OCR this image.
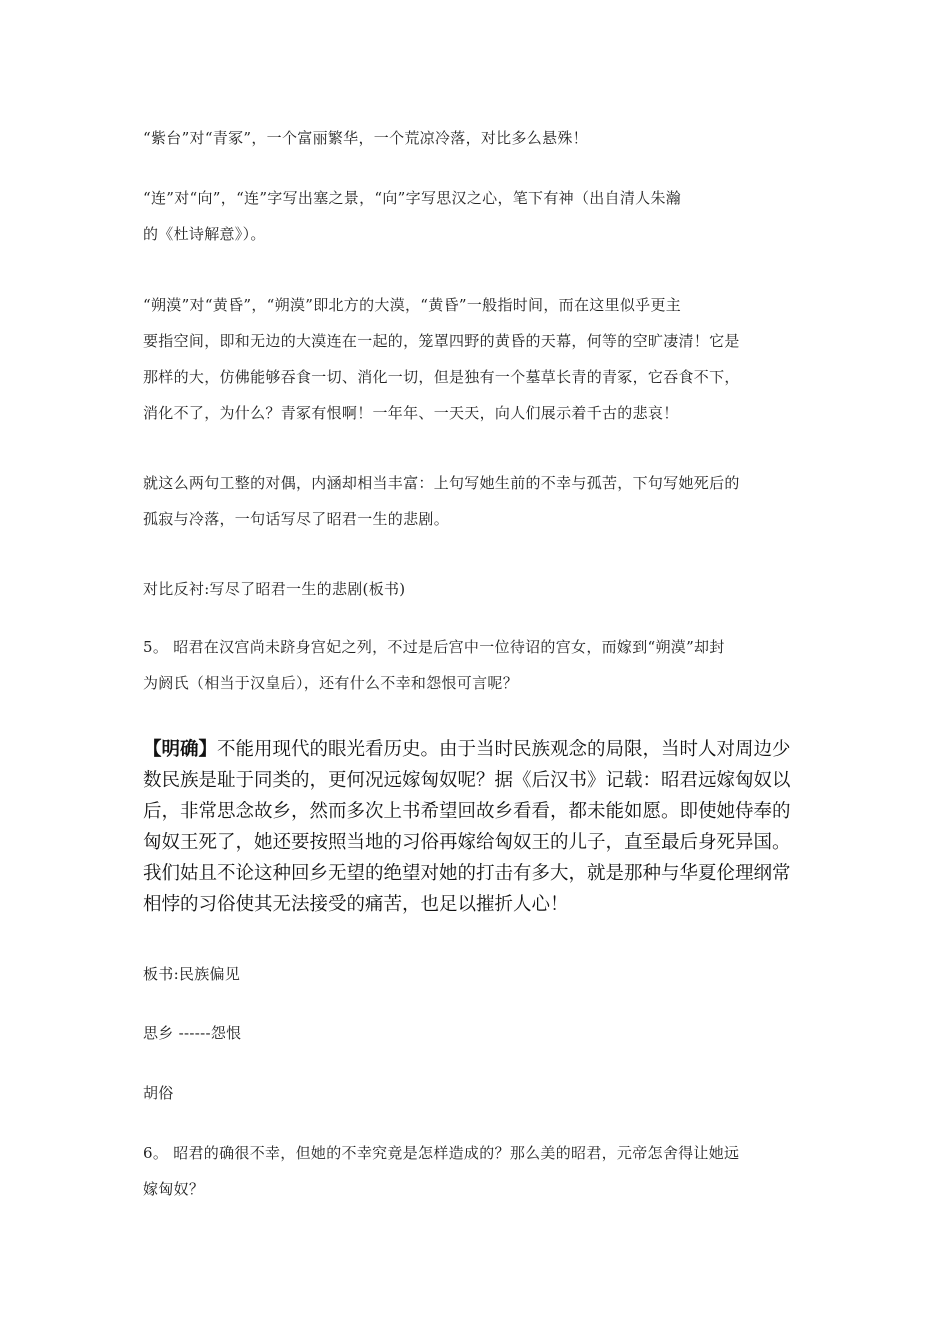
“紫台”对“青冢”，一个富丽繁华，一个荒凉冷落，对比多么悬殊！

“连”对“向”，“连”字写出塞之景，“向”字写思汉之心，笔下有神（出自清人朱瀚
的《杜诗解意》）。

“朔漠”对“黄昏”，“朔漠”即北方的大漠，“黄昏”一般指时间，而在这里似乎更主
要指空间，即和无边的大漠连在一起的，笼罩四野的黄昏的天幕，何等的空旷凄清！它是
那样的大，仿佛能够吞食一切、消化一切，但是独有一个墓草长青的青冢，它吞食不下，
消化不了，为什么？青冢有恨啊！一年年、一天天，向人们展示着千古的悲哀！

就这么两句工整的对偶，内涵却相当丰富：上句写她生前的不幸与孤苦，下句写她死后的
孤寂与冷落，一句话写尽了昭君一生的悲剧。

对比反衬:写尽了昭君一生的悲剧(板书)

5。 昭君在汉宫尚未跻身宫妃之列，不过是后宫中一位待诏的宫女，而嫁到“朔漠”却封
为阏氏（相当于汉皇后），还有什么不幸和怨恨可言呢？

【明确】不能用现代的眼光看历史。由于当时民族观念的局限，当时人对周边少
数民族是耻于同类的，更何况远嫁匈奴呢？据《后汉书》记载：昭君远嫁匈奴以
后，非常思念故乡，然而多次上书希望回故乡看看，都未能如愿。即使她侍奉的
匈奴王死了，她还要按照当地的习俗再嫁给匈奴王的儿子，直至最后身死异国。
我们姑且不论这种回乡无望的绝望对她的打击有多大，就是那种与华夏伦理纲常
相悖的习俗使其无法接受的痛苦，也足以摧折人心！

板书:民族偏见

思乡 ------怨恨

胡俗

6。 昭君的确很不幸，但她的不幸究竟是怎样造成的？那么美的昭君，元帝怎舍得让她远
嫁匈奴？
